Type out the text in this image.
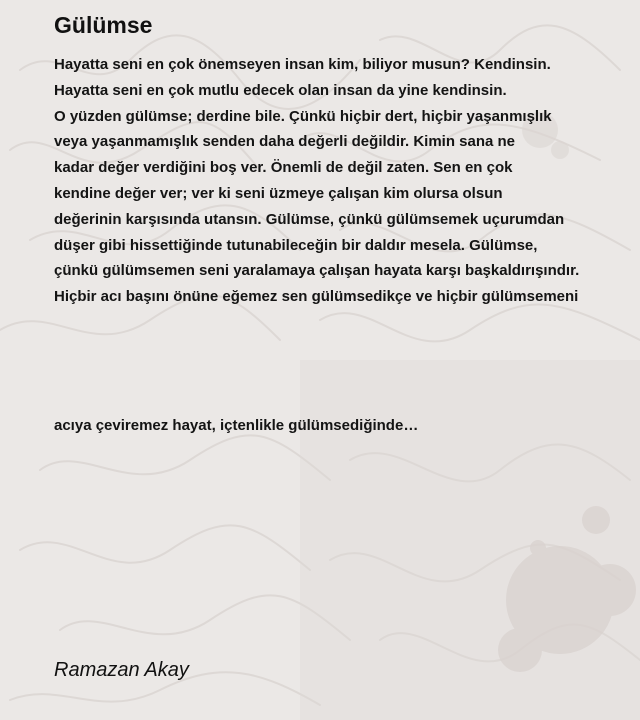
Gülümse
Hayatta seni en çok önemseyen insan kim, biliyor musun? Kendinsin.
Hayatta seni en çok mutlu edecek olan insan da yine kendinsin.
O yüzden gülümse; derdine bile. Çünkü hiçbir dert, hiçbir yaşanmışlık
veya yaşanmamışlık senden daha değerli değildir. Kimin sana ne
kadar değer verdiğini boş ver. Önemli de değil zaten. Sen en çok
kendine değer ver; ver ki seni üzmeye çalışan kim olursa olsun
değerinin karşısında utansın. Gülümse, çünkü gülümsemek uçurumdan
düşer gibi hissettiğinde tutunabileceğin bir daldır mesela. Gülümse,
çünkü gülümsemen seni yaralamaya çalışan hayata karşı başkaldırışındır.
Hiçbir acı başını önüne eğemez sen gülümsedikçe ve hiçbir gülümsemeni
acıya çeviremez hayat, içtenlikle gülümsediğinde…
Ramazan Akay
